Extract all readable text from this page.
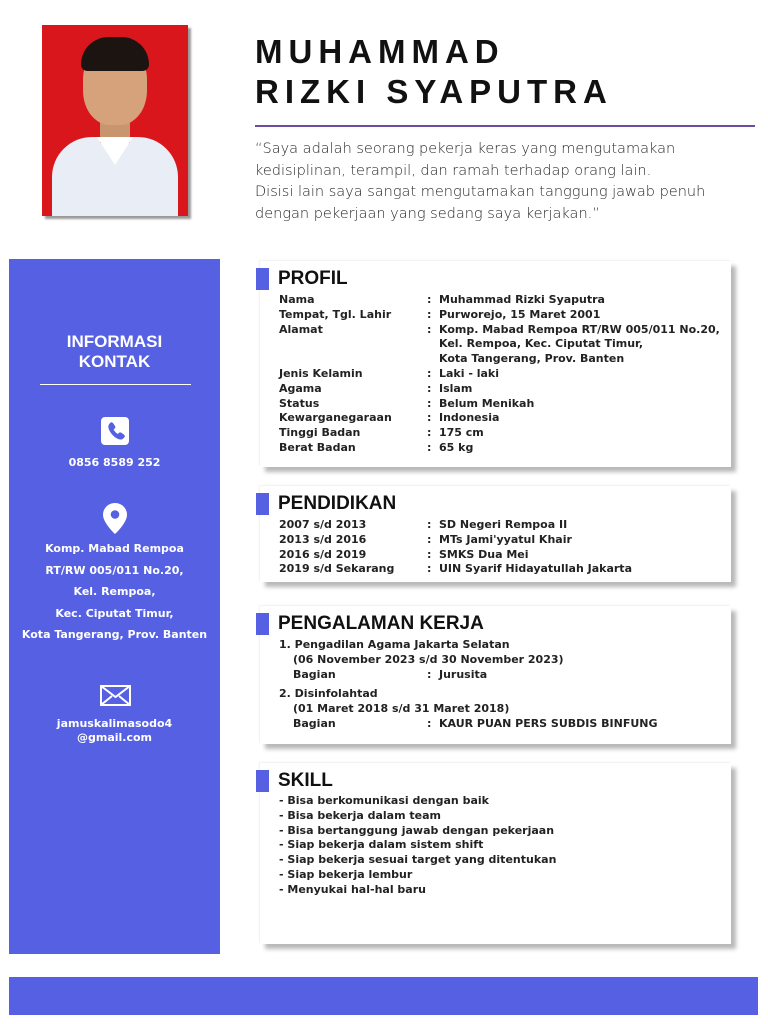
MUHAMMAD
RIZKI SYAPUTRA
“Saya adalah seorang pekerja keras yang mengutamakan
kedisiplinan, terampil, dan ramah terhadap orang lain.
Disisi lain saya sangat mengutamakan tanggung jawab penuh
dengan pekerjaan yang sedang saya kerjakan.”
INFORMASI
KONTAK
0856 8589 252
Komp. Mabad Rempoa
RT/RW 005/011 No.20,
Kel. Rempoa,
Kec. Ciputat Timur,
Kota Tangerang, Prov. Banten
jamuskalimasodo4
@gmail.com
PROFIL
Nama	: Muhammad Rizki Syaputra
Tempat, Tgl. Lahir	: Purworejo, 15 Maret 2001
Alamat	: Komp. Mabad Rempoa RT/RW 005/011 No.20,
Kel. Rempoa, Kec. Ciputat Timur,
Kota Tangerang, Prov. Banten
Jenis Kelamin	: Laki - laki
Agama	: Islam
Status	: Belum Menikah
Kewarganegaraan	: Indonesia
Tinggi Badan	: 175 cm
Berat Badan	: 65 kg
PENDIDIKAN
2007 s/d 2013	: SD Negeri Rempoa II
2013 s/d 2016	: MTs Jami'yyatul Khair
2016 s/d 2019	: SMKS Dua Mei
2019 s/d Sekarang	: UIN Syarif Hidayatullah Jakarta
PENGALAMAN KERJA
1. Pengadilan Agama Jakarta Selatan
(06 November 2023 s/d 30 November 2023)
Bagian	: Jurusita
2. Disinfolahtad
(01 Maret 2018 s/d 31 Maret 2018)
Bagian	: KAUR PUAN PERS SUBDIS BINFUNG
SKILL
- Bisa berkomunikasi dengan baik
- Bisa bekerja dalam team
- Bisa bertanggung jawab dengan pekerjaan
- Siap bekerja dalam sistem shift
- Siap bekerja sesuai target yang ditentukan
- Siap bekerja lembur
- Menyukai hal-hal baru
